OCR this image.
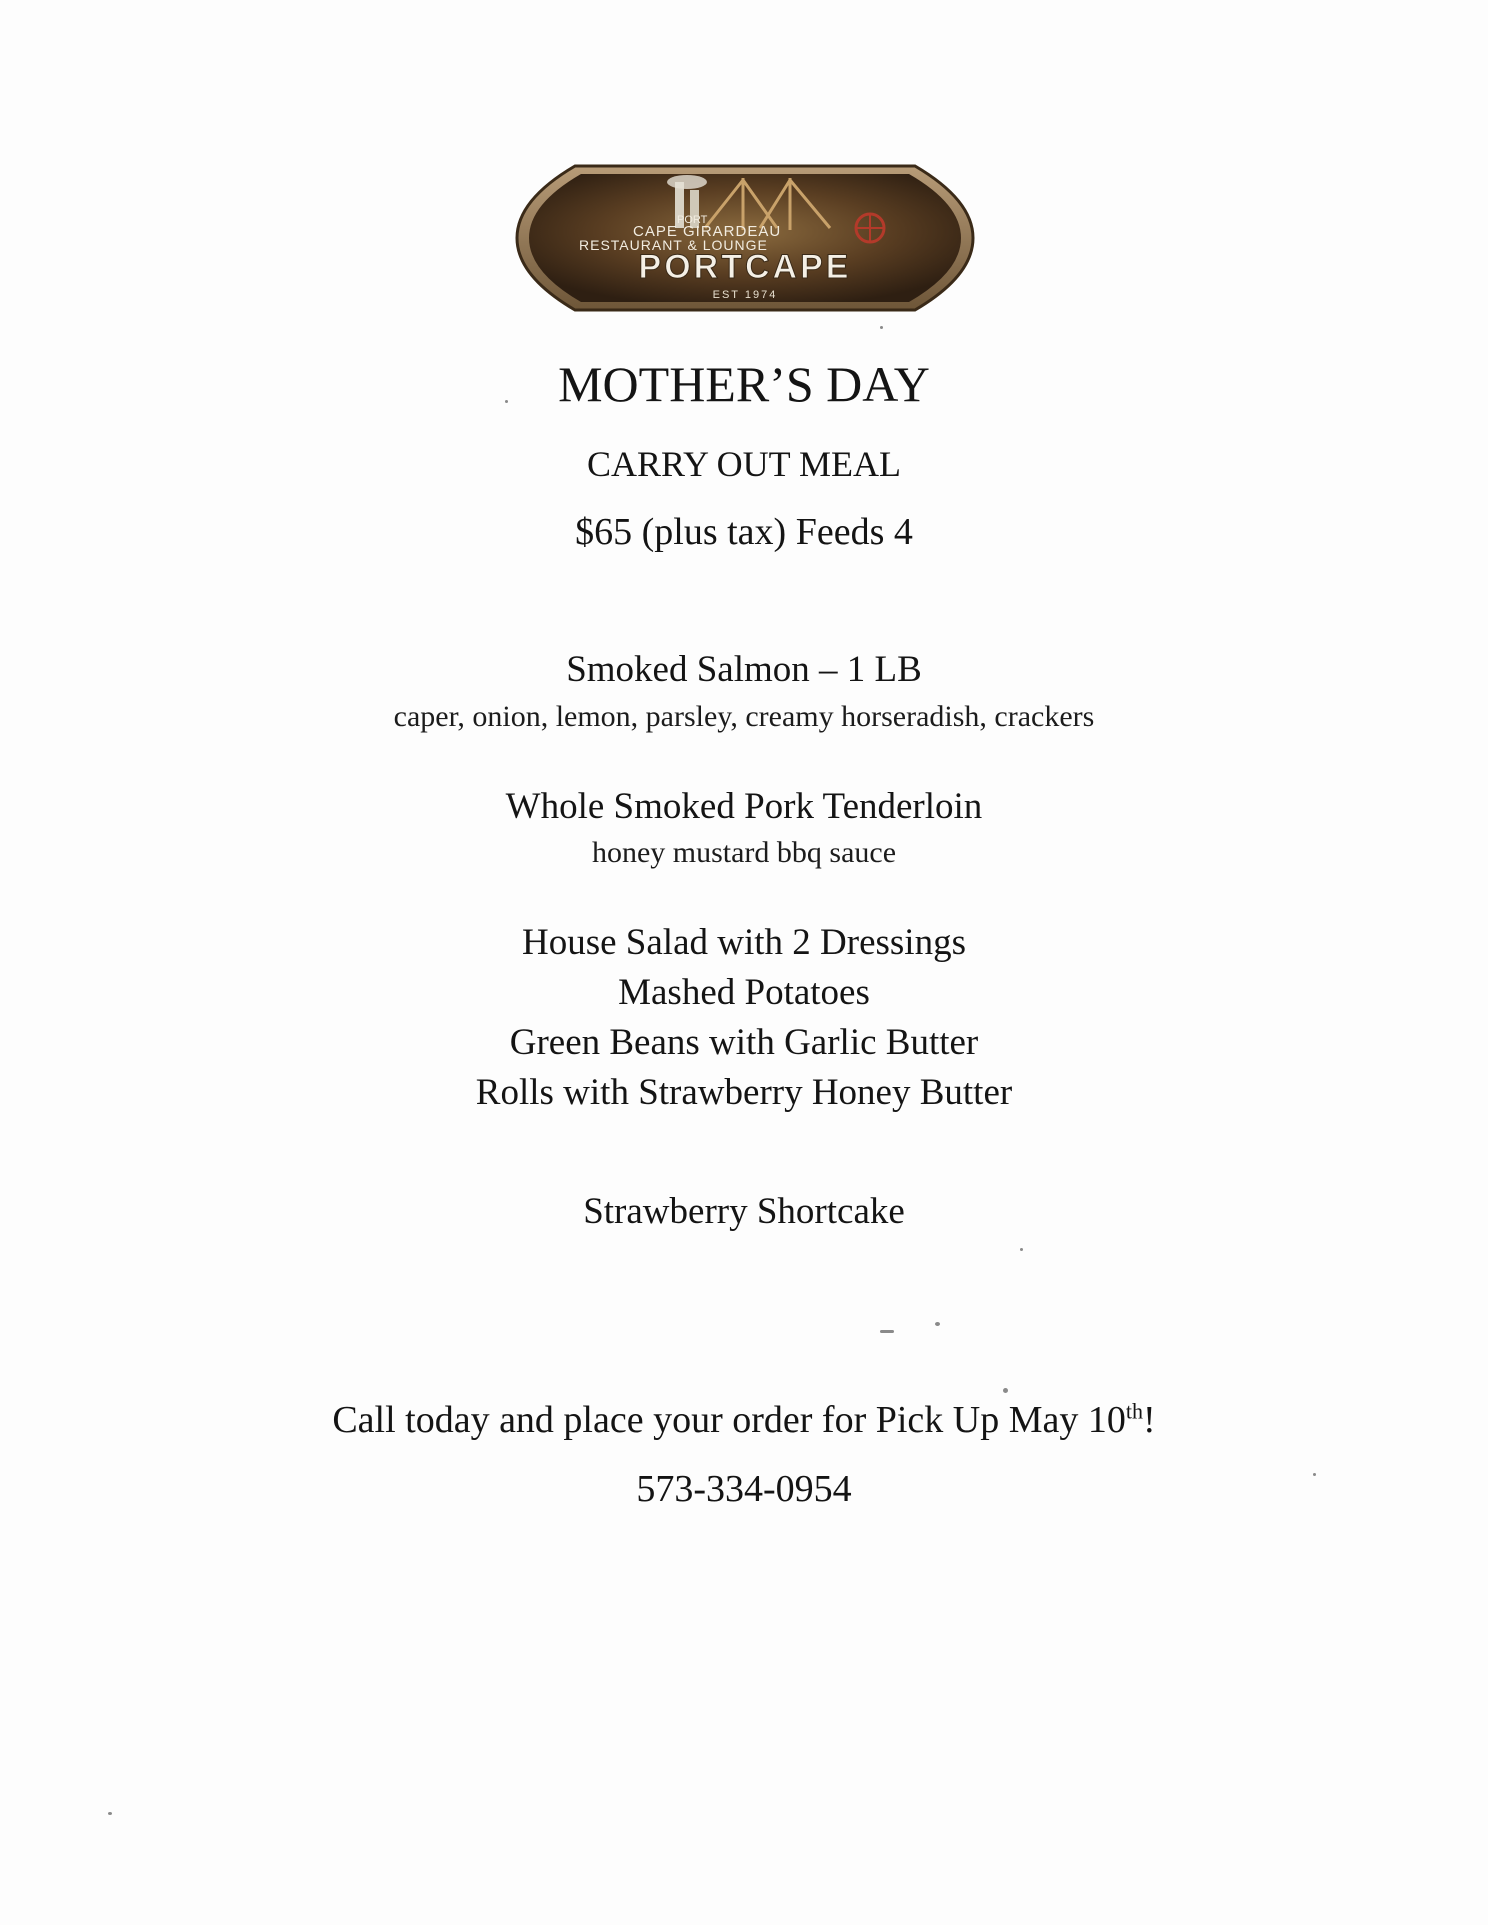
PORT
CAPE GIRARDEAU
RESTAURANT & LOUNGE
PORTCAPE
EST 1974
MOTHER’S DAY
CARRY OUT MEAL
$65 (plus tax) Feeds 4
Smoked Salmon – 1 LB
caper, onion, lemon, parsley, creamy horseradish, crackers
Whole Smoked Pork Tenderloin
honey mustard bbq sauce
House Salad with 2 Dressings
Mashed Potatoes
Green Beans with Garlic Butter
Rolls with Strawberry Honey Butter
Strawberry Shortcake
Call today and place your order for Pick Up May 10th!
573-334-0954
